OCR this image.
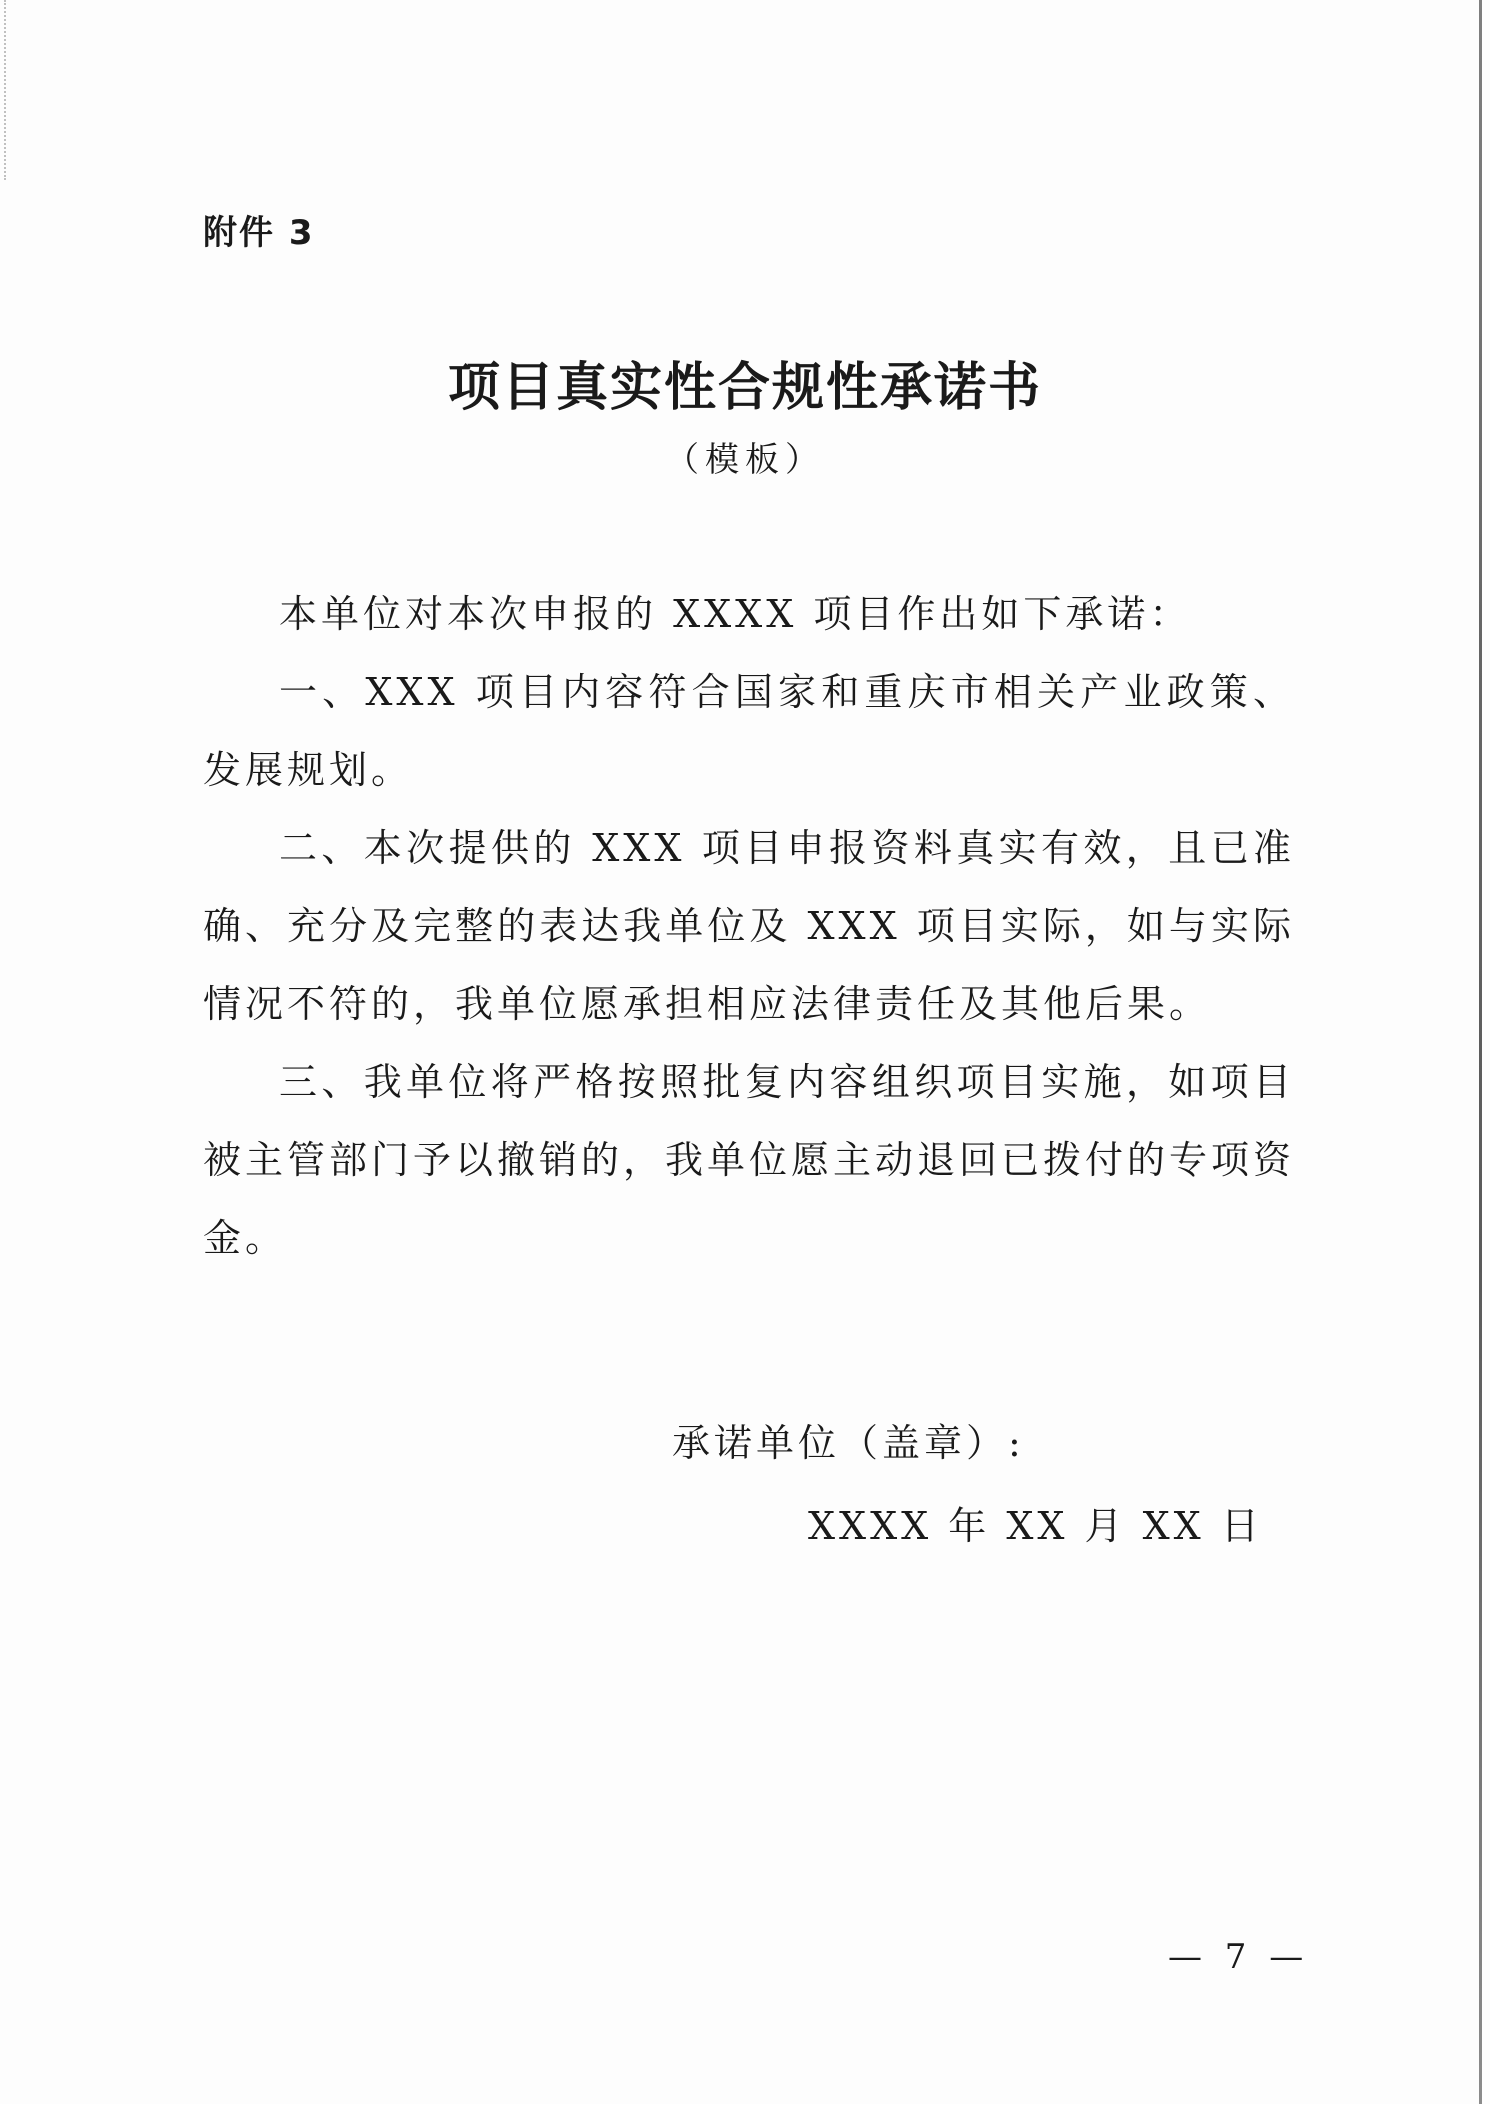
附件 3
项目真实性合规性承诺书
（模板）

本单位对本次申报的 XXXX 项目作出如下承诺：

一、XXX 项目内容符合国家和重庆市相关产业政策、发展规划。

二、本次提供的 XXX 项目申报资料真实有效，且已准确、充分及完整的表达我单位及 XXX 项目实际，如与实际情况不符的，我单位愿承担相应法律责任及其他后果。

三、我单位将严格按照批复内容组织项目实施，如项目被主管部门予以撤销的，我单位愿主动退回已拨付的专项资金。

承诺单位（盖章）:
XXXX 年 XX 月 XX 日
— 7 —
